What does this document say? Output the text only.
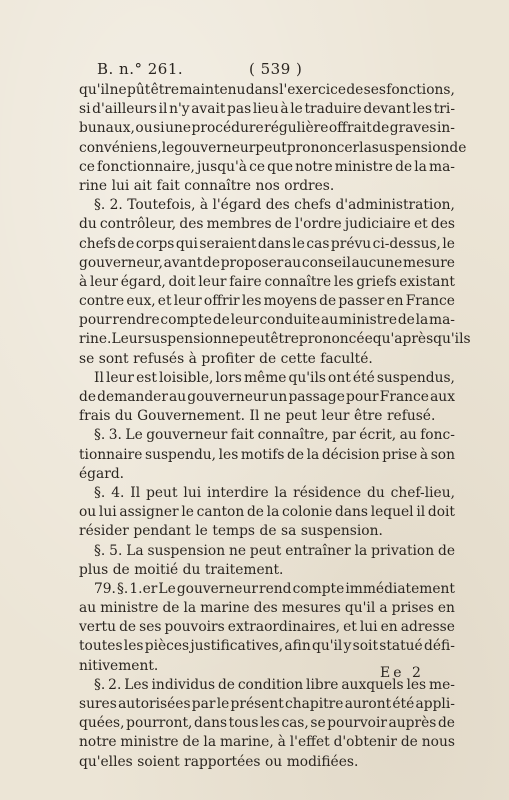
B. n.° 261.	( 539 )
qu'il ne pût être maintenu dans l'exercice de ses fonctions,
si d'ailleurs il n'y avait pas lieu à le traduire devant les tri-
bunaux, ou si une procédure régulière offrait de graves in-
convéniens, le gouverneur peut prononcer la suspension de
ce fonctionnaire, jusqu'à ce que notre ministre de la ma-
rine lui ait fait connaître nos ordres.
§. 2. Toutefois, à l'égard des chefs d'administration,
du contrôleur, des membres de l'ordre judiciaire et des
chefs de corps qui seraient dans le cas prévu ci-dessus, le
gouverneur, avant de proposer au conseil aucune mesure
à leur égard, doit leur faire connaître les griefs existant
contre eux, et leur offrir les moyens de passer en France
pour rendre compte de leur conduite au ministre de la ma-
rine. Leur suspension ne peut être prononcée qu'après qu'ils
se sont refusés à profiter de cette faculté.
Il leur est loisible, lors même qu'ils ont été suspendus,
de demander au gouverneur un passage pour France aux
frais du Gouvernement. Il ne peut leur être refusé.
§. 3. Le gouverneur fait connaître, par écrit, au fonc-
tionnaire suspendu, les motifs de la décision prise à son
égard.
§. 4. Il peut lui interdire la résidence du chef-lieu,
ou lui assigner le canton de la colonie dans lequel il doit
résider pendant le temps de sa suspension.
§. 5. La suspension ne peut entraîner la privation de
plus de moitié du traitement.
79. §. 1.er Le gouverneur rend compte immédiatement
au ministre de la marine des mesures qu'il a prises en
vertu de ses pouvoirs extraordinaires, et lui en adresse
toutes les pièces justificatives, afin qu'il y soit statué défi-
nitivement.
§. 2. Les individus de condition libre auxquels les me-
sures autorisées par le présent chapitre auront été appli-
quées, pourront, dans tous les cas, se pourvoir auprès de
notre ministre de la marine, à l'effet d'obtenir de nous
qu'elles soient rapportées ou modifiées.
Ee 2
